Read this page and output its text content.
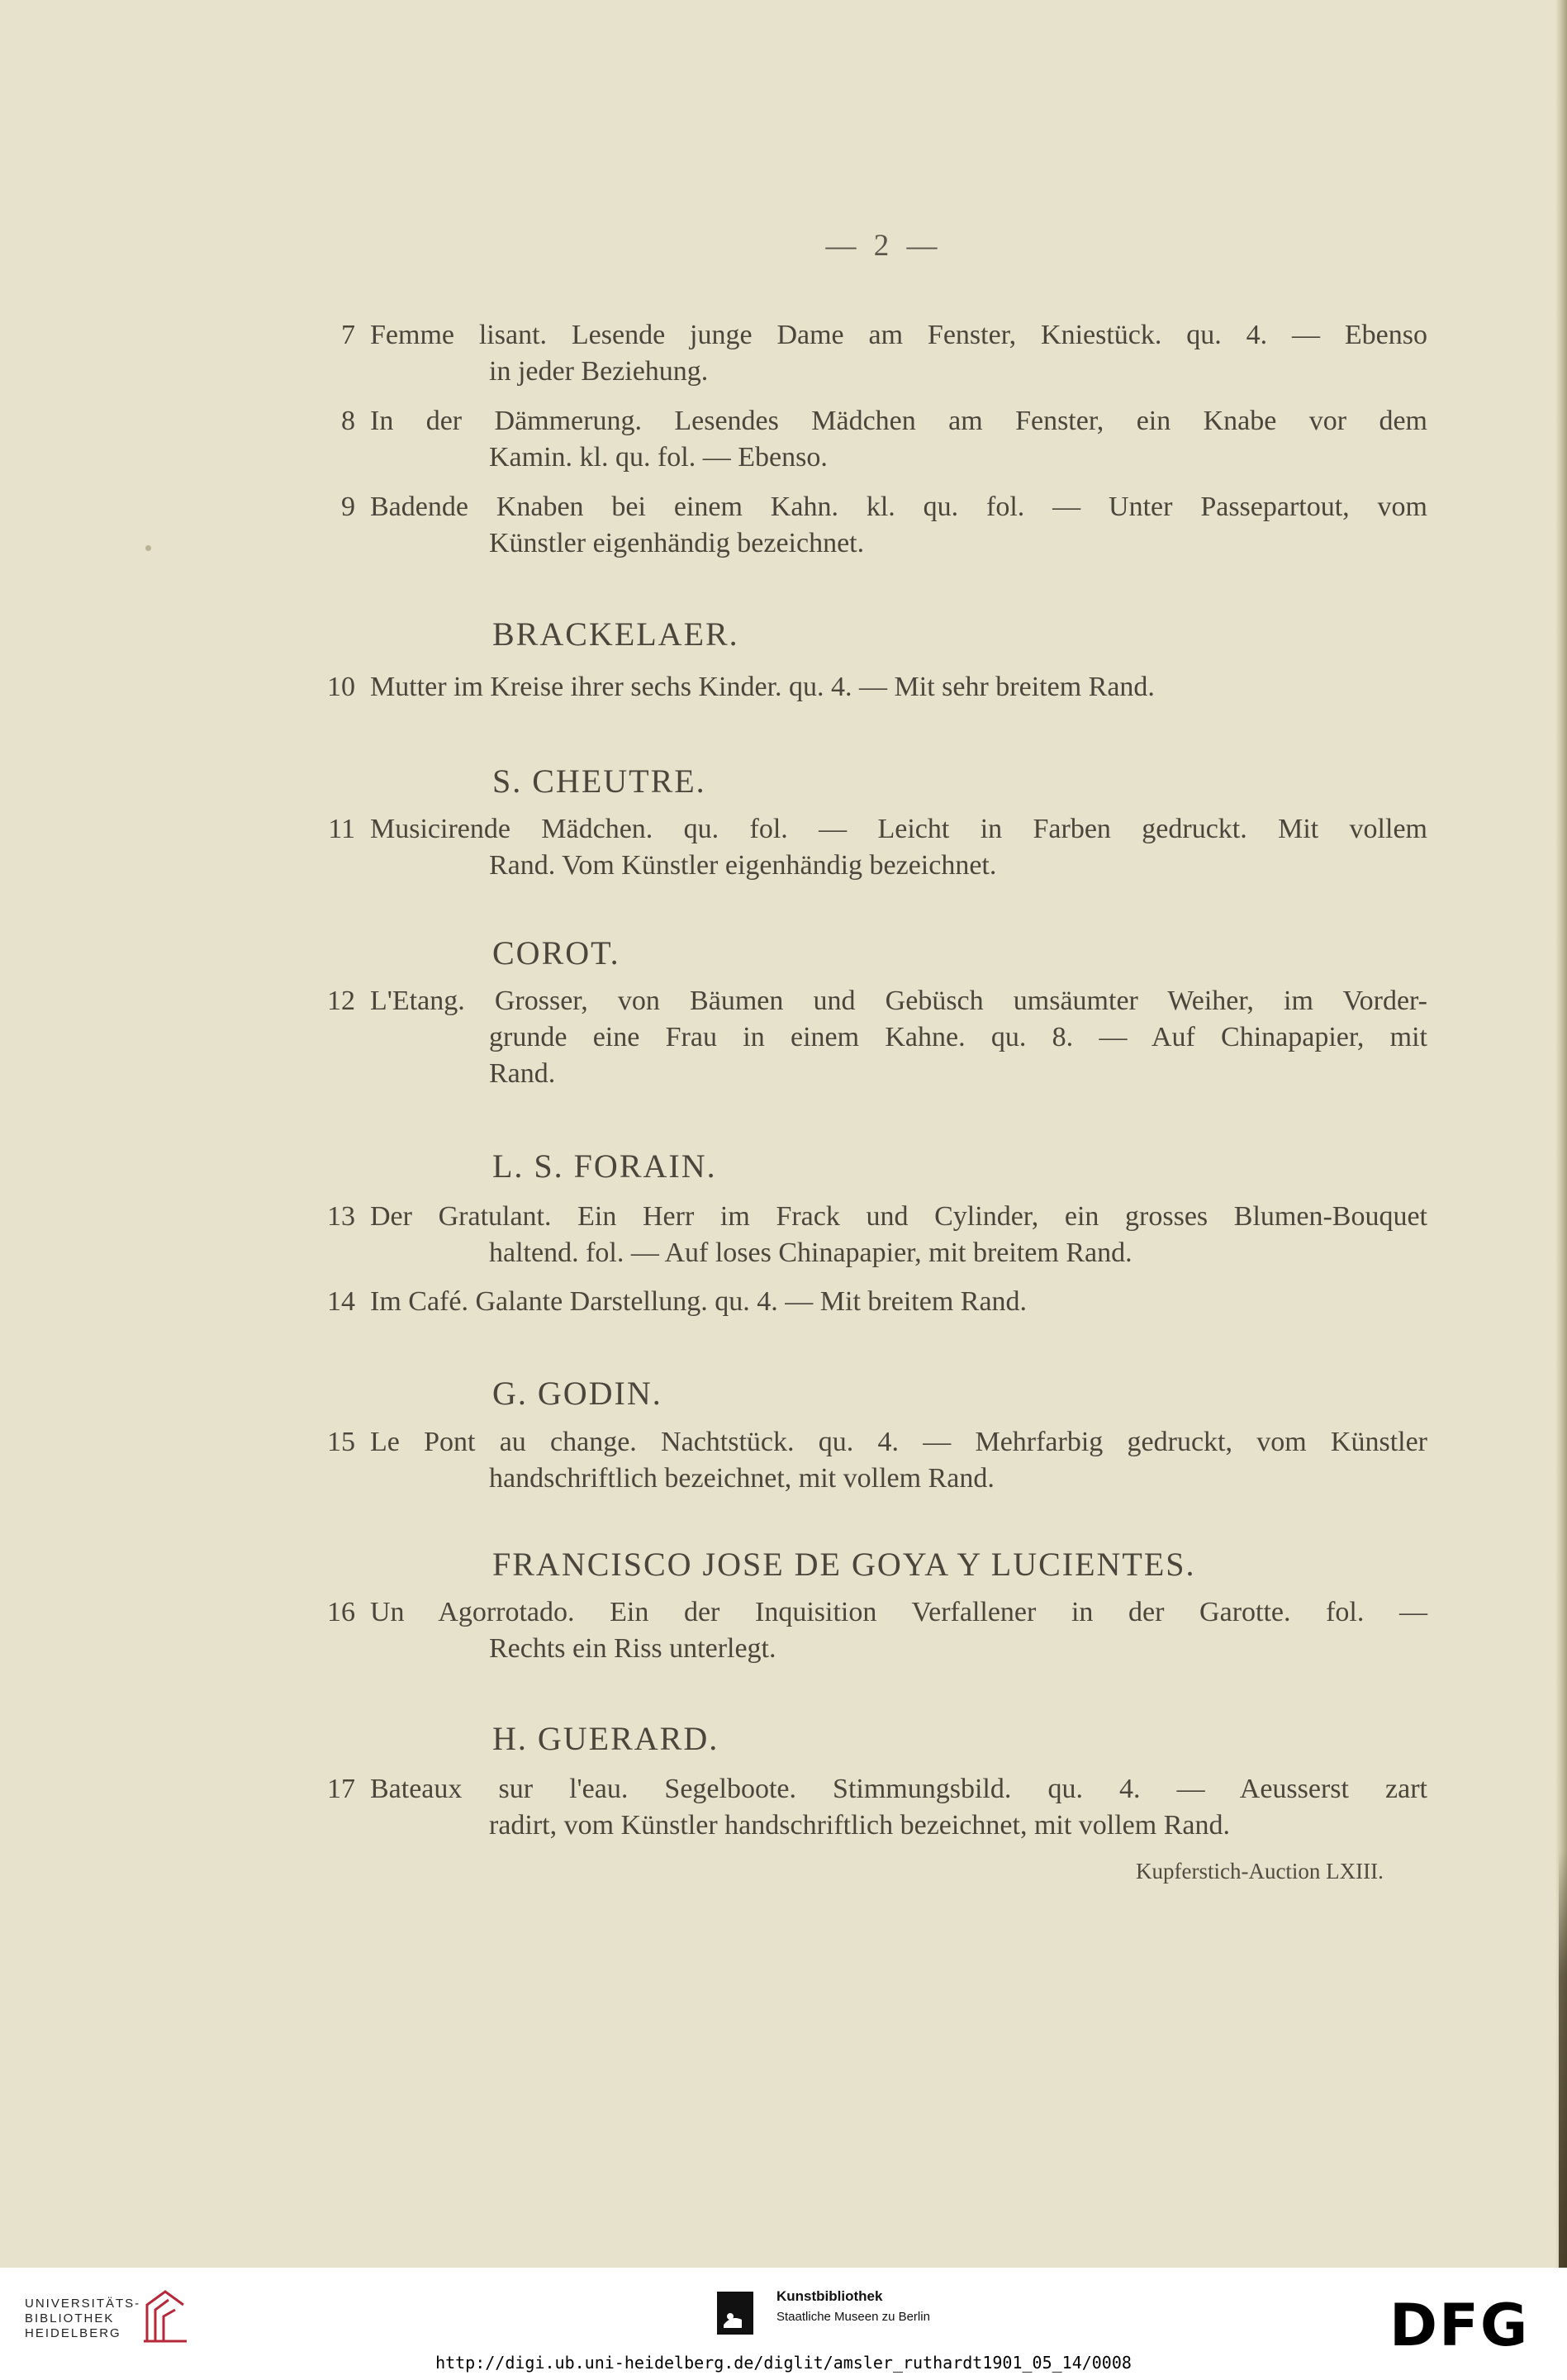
— 2 —
7 Femme lisant. Lesende junge Dame am Fenster, Kniestück. qu. 4. — Ebenso
in jeder Beziehung.
8 In der Dämmerung. Lesendes Mädchen am Fenster, ein Knabe vor dem
Kamin. kl. qu. fol. — Ebenso.
9 Badende Knaben bei einem Kahn. kl. qu. fol. — Unter Passepartout, vom
Künstler eigenhändig bezeichnet.
BRACKELAER.
10 Mutter im Kreise ihrer sechs Kinder. qu. 4. — Mit sehr breitem Rand.
S. CHEUTRE.
11 Musicirende Mädchen. qu. fol. — Leicht in Farben gedruckt. Mit vollem
Rand. Vom Künstler eigenhändig bezeichnet.
COROT.
12 L'Etang. Grosser, von Bäumen und Gebüsch umsäumter Weiher, im Vorder-
grunde eine Frau in einem Kahne. qu. 8. — Auf Chinapapier, mit
Rand.
L. S. FORAIN.
13 Der Gratulant. Ein Herr im Frack und Cylinder, ein grosses Blumen-Bouquet
haltend. fol. — Auf loses Chinapapier, mit breitem Rand.
14 Im Café. Galante Darstellung. qu. 4. — Mit breitem Rand.
G. GODIN.
15 Le Pont au change. Nachtstück. qu. 4. — Mehrfarbig gedruckt, vom Künstler
handschriftlich bezeichnet, mit vollem Rand.
FRANCISCO JOSE DE GOYA Y LUCIENTES.
16 Un Agorrotado. Ein der Inquisition Verfallener in der Garotte. fol. —
Rechts ein Riss unterlegt.
H. GUERARD.
17 Bateaux sur l'eau. Segelboote. Stimmungsbild. qu. 4. — Aeusserst zart
radirt, vom Künstler handschriftlich bezeichnet, mit vollem Rand.
Kupferstich-Auction LXIII.
UNIVERSITÄTS-
BIBLIOTHEK
HEIDELBERG
Kunstbibliothek
Staatliche Museen zu Berlin	DFG
http://digi.ub.uni-heidelberg.de/diglit/amsler_ruthardt1901_05_14/0008
